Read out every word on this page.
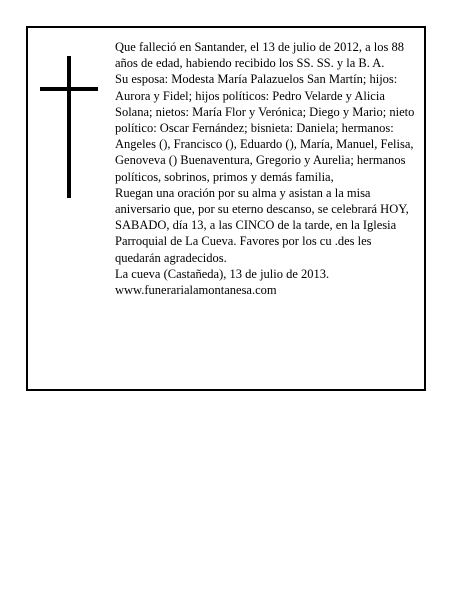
Que falleció en Santander, el 13 de julio de 2012, a los 88 años de edad, habiendo recibido los SS. SS. y la B. A.

Su esposa: Modesta María Palazuelos San Martín; hijos: Aurora y Fidel; hijos políticos: Pedro Velarde y Alicia Solana; nietos: María Flor y Verónica; Diego y Mario; nieto político: Oscar Fernández; bisnieta: Daniela; hermanos: Angeles (), Francisco (), Eduardo (), María, Manuel, Felisa, Genoveva () Buenaventura, Gregorio y Aurelia; hermanos políticos, sobrinos, primos y demás familia,

Ruegan una oración por su alma y asistan a la misa aniversario que, por su eterno descanso, se celebrará HOY, SABADO, día 13, a las CINCO de la tarde, en la Iglesia Parroquial de La Cueva. Favores por los cu .des les quedarán agradecidos.

La cueva (Castañeda), 13 de julio de 2013.

www.funerarialamontanesa.com
